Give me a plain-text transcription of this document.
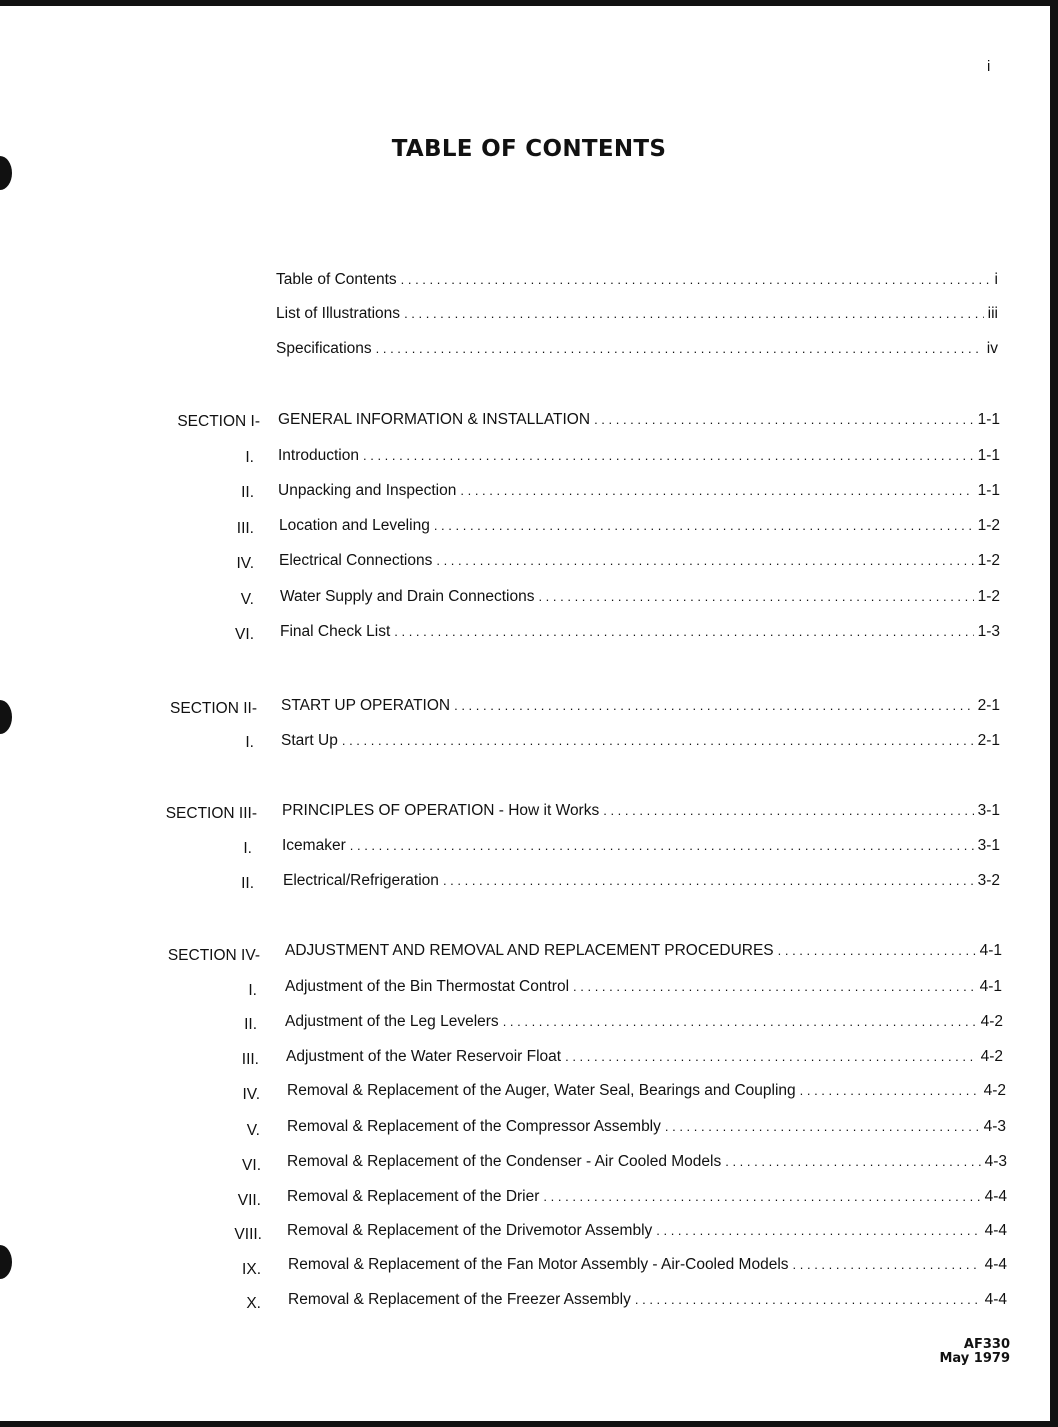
i
TABLE OF CONTENTS
Table of Contents . . .	i
List of Illustrations . . .	iii
Specifications . . .	iv
SECTION I- GENERAL INFORMATION & INSTALLATION . . .	1-1
I. Introduction . . .	1-1
II. Unpacking and Inspection . . .	1-1
III. Location and Leveling . . .	1-2
IV. Electrical Connections . . .	1-2
V. Water Supply and Drain Connections . . .	1-2
VI. Final Check List . . .	1-3
SECTION II- START UP OPERATION . . .	2-1
I. Start Up . . .	2-1
SECTION III- PRINCIPLES OF OPERATION - How it Works . . .	3-1
I. Icemaker . . .	3-1
II. Electrical/Refrigeration . . .	3-2
SECTION IV- ADJUSTMENT AND REMOVAL AND REPLACEMENT PROCEDURES . . .	4-1
I. Adjustment of the Bin Thermostat Control . . .	4-1
II. Adjustment of the Leg Levelers . . .	4-2
III. Adjustment of the Water Reservoir Float . . .	4-2
IV. Removal & Replacement of the Auger, Water Seal, Bearings and Coupling . . .	4-2
V. Removal & Replacement of the Compressor Assembly . . .	4-3
VI. Removal & Replacement of the Condenser - Air Cooled Models . . .	4-3
VII. Removal & Replacement of the Drier . . .	4-4
VIII. Removal & Replacement of the Drivemotor Assembly . . .	4-4
IX. Removal & Replacement of the Fan Motor Assembly - Air-Cooled Models . . .	4-4
X. Removal & Replacement of the Freezer Assembly . . .	4-4
AF330
May 1979
